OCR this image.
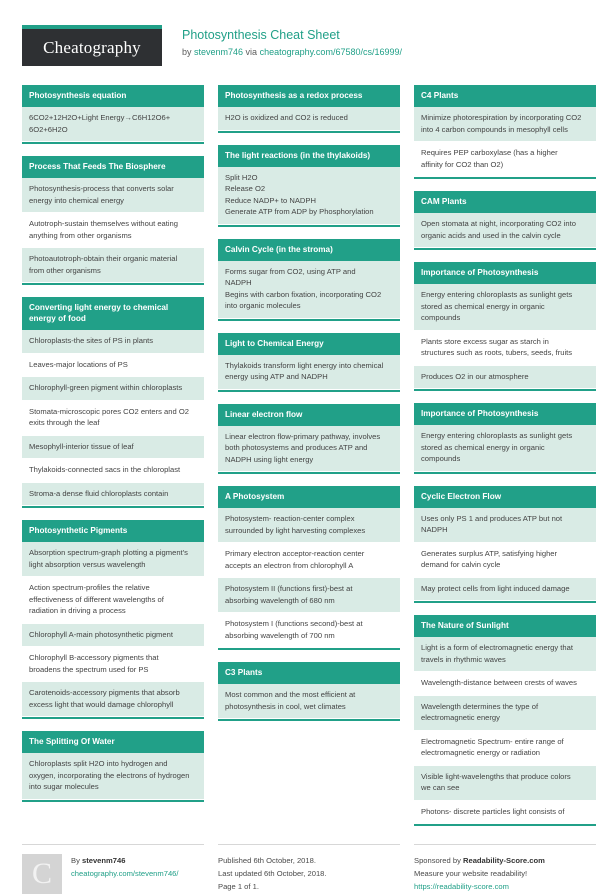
Cheatography
Photosynthesis Cheat Sheet
by stevenm746 via cheatography.com/67580/cs/16999/
Photosynthesis equation

6CO2+12H2O+Light Energy→C6H12O6+

6O2+6H2O

Process That Feeds The Biosphere

Photosynthesis-process that converts solar

energy into chemical energy

Autotroph-sustain themselves without eating

anything from other organisms

Photoautotroph-obtain their organic material

from other organisms

Converting light energy to chemical energy of food

Chloroplasts-the sites of PS in plants

Leaves-major locations of PS

Chlorophyll-green pigment within chloroplasts

Stomata-microscopic pores CO2 enters and O2

exits through the leaf

Mesophyll-interior tissue of leaf

Thylakoids-connected sacs in the chloroplast

Stroma-a dense fluid chloroplasts contain

Photosynthetic Pigments

Absorption spectrum-graph plotting a pigment's

light absorption versus wavelength

Action spectrum-profiles the relative

effectiveness of different wavelengths of

radiation in driving a process

Chlorophyll A-main photosynthetic pigment

Chlorophyll B-accessory pigments that

broadens the spectrum used for PS

Carotenoids-accessory pigments that absorb

excess light that would damage chlorophyll

The Splitting Of Water

Chloroplasts split H2O into hydrogen and

oxygen, incorporating the electrons of hydrogen

into sugar molecules

Photosynthesis as a redox process

H2O is oxidized and CO2 is reduced

The light reactions (in the thylakoids)

Split H2O

Release O2

Reduce NADP+ to NADPH

Generate ATP from ADP by Phosphorylation

Calvin Cycle (in the stroma)

Forms sugar from CO2, using ATP and

NADPH

Begins with carbon fixation, incorporating CO2

into organic molecules

Light to Chemical Energy

Thylakoids transform light energy into chemical

energy using ATP and NADPH

Linear electron flow

Linear electron flow-primary pathway, involves

both photosystems and produces ATP and

NADPH using light energy

A Photosystem

Photosystem- reaction-center complex

surrounded by light harvesting complexes

Primary electron acceptor-reaction center

accepts an electron from chlorophyll A

Photosystem II (functions first)-best at

absorbing wavelength of 680 nm

Photosystem I (functions second)-best at

absorbing wavelength of 700 nm

C3 Plants

Most common and the most efficient at

photosynthesis in cool, wet climates

C4 Plants

Minimize photorespiration by incorporating CO2

into 4 carbon compounds in mesophyll cells

Requires PEP carboxylase (has a higher

affinity for CO2 than O2)

CAM Plants

Open stomata at night, incorporating CO2 into

organic acids and used in the calvin cycle

Importance of Photosynthesis

Energy entering chloroplasts as sunlight gets

stored as chemical energy in organic

compounds

Plants store excess sugar as starch in

structures such as roots, tubers, seeds, fruits

Produces O2 in our atmosphere

Importance of Photosynthesis

Energy entering chloroplasts as sunlight gets

stored as chemical energy in organic

compounds

Cyclic Electron Flow

Uses only PS 1 and produces ATP but not

NADPH

Generates surplus ATP, satisfying higher

demand for calvin cycle

May protect cells from light induced damage

The Nature of Sunlight

Light is a form of electromagnetic energy that

travels in rhythmic waves

Wavelength-distance between crests of waves

Wavelength determines the type of

electromagnetic energy

Electromagnetic Spectrum- entire range of

electromagnetic energy or radiation

Visible light-wavelengths that produce colors

we can see

Photons- discrete particles light consists of

C	By stevenm746
cheatography.com/stevenm746/
Published 6th October, 2018.
Last updated 6th October, 2018.
Page 1 of 1.
Sponsored by Readability-Score.com
Measure your website readability!
https://readability-score.com
